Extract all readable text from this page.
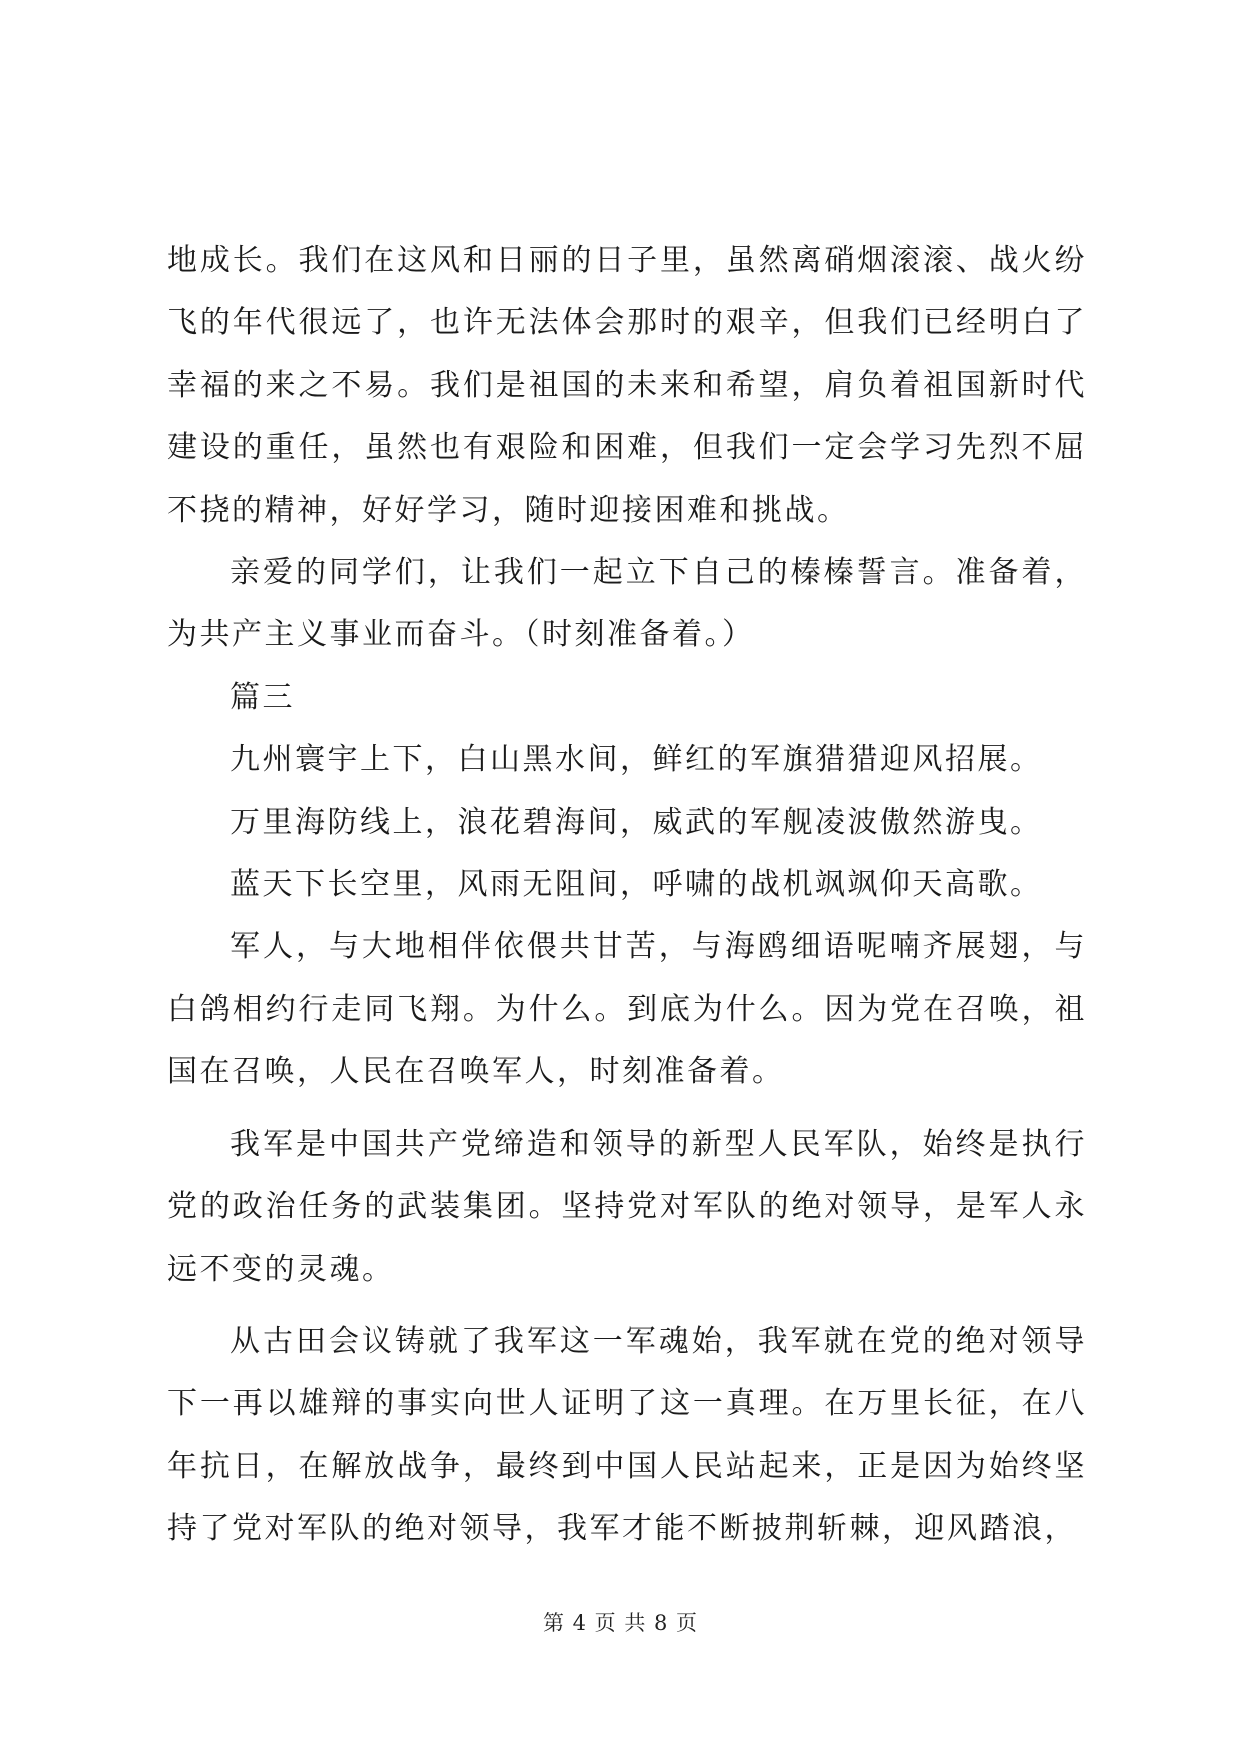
地成长。我们在这风和日丽的日子里，虽然离硝烟滚滚、战火纷飞的年代很远了，也许无法体会那时的艰辛，但我们已经明白了幸福的来之不易。我们是祖国的未来和希望，肩负着祖国新时代建设的重任，虽然也有艰险和困难，但我们一定会学习先烈不屈不挠的精神，好好学习，随时迎接困难和挑战。

亲爱的同学们，让我们一起立下自己的榛榛誓言。准备着，为共产主义事业而奋斗。（时刻准备着。）

篇三

九州寰宇上下，白山黑水间，鲜红的军旗猎猎迎风招展。

万里海防线上，浪花碧海间，威武的军舰凌波傲然游曳。

蓝天下长空里，风雨无阻间，呼啸的战机飒飒仰天高歌。

军人，与大地相伴依偎共甘苦，与海鸥细语呢喃齐展翅，与白鸽相约行走同飞翔。为什么。到底为什么。因为党在召唤，祖国在召唤，人民在召唤军人，时刻准备着。

我军是中国共产党缔造和领导的新型人民军队，始终是执行党的政治任务的武装集团。坚持党对军队的绝对领导，是军人永远不变的灵魂。

从古田会议铸就了我军这一军魂始，我军就在党的绝对领导下一再以雄辩的事实向世人证明了这一真理。在万里长征，在八年抗日，在解放战争，最终到中国人民站起来，正是因为始终坚持了党对军队的绝对领导，我军才能不断披荆斩棘，迎风踏浪，

第 4 页 共 8 页
